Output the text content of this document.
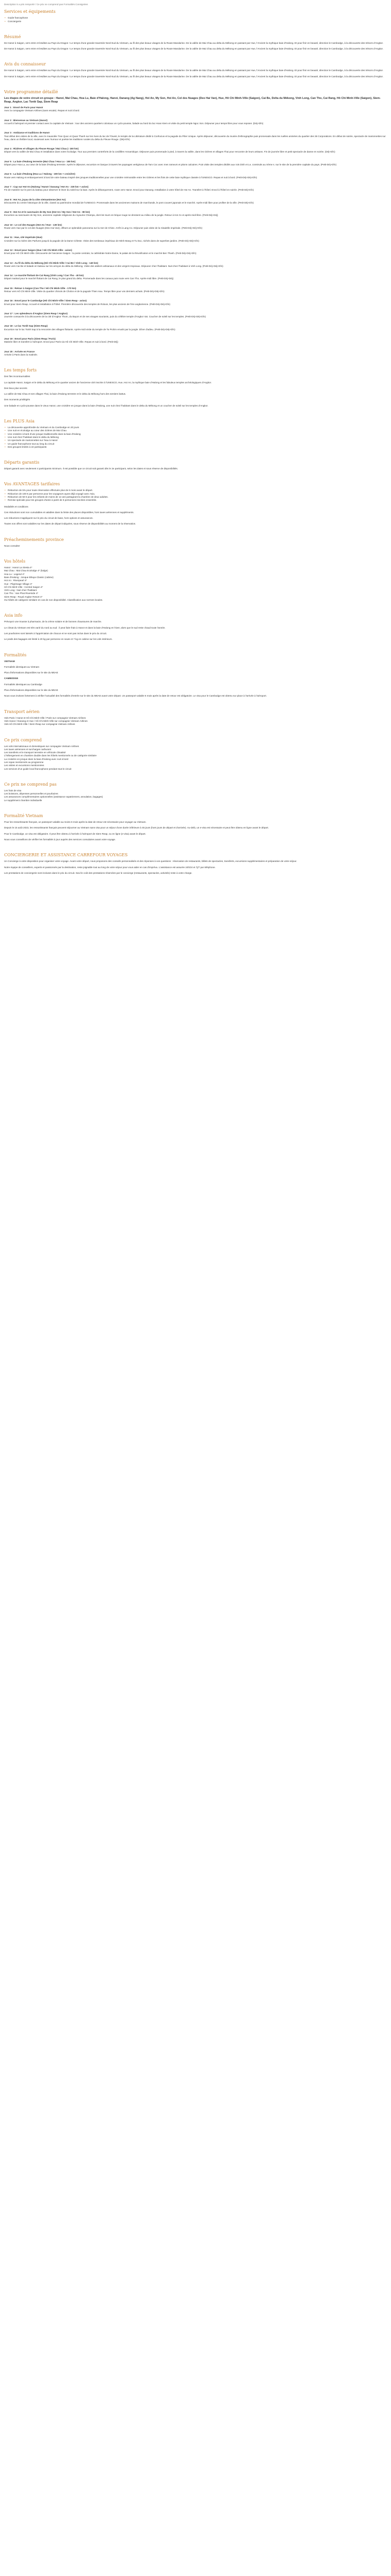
Description 5 a pris remporté / Ce prix ne comprend pas Formalités Consignées
Services et équipements
• Guide francophone
• Conciergerie
Résumé

De Hanoï à Saigon, vers entre et lesdites au Pays du Dragon ! Le temps d'une grande traversée Nord-Sud du Vietnam, au fil des plus beaux visages de la Route Mandarine. De la vallée de Mai Chau au delta du Mékong en passant par Hue, l'Ancient la mythique baie d'Halong. Et pour finir en beauté, direction le Cambodge, à la découverte des trésors d'Angkor.

De Hanoï à Saigon, vers entre et lesdites au Pays du Dragon ! Le temps d'une grande traversée Nord-Sud du Vietnam, au fil des plus beaux visages de la Route Mandarine. De la vallée de Mai Chau au delta du Mékong en passant par Hue, l'Ancient la mythique baie d'Halong. Et pour finir en beauté, direction le Cambodge, à la découverte des trésors d'Angkor.

Avis du connaisseur

De Hanoï à Saigon, vers entre et lesdites au Pays du Dragon ! Le temps d'une grande traversée Nord-Sud du Vietnam, au fil des plus beaux visages de la Route Mandarine. De la vallée de Mai Chau au delta du Mékong en passant par Hue, l'Ancient la mythique baie d'Halong. Et pour finir en beauté, direction le Cambodge, à la découverte des trésors d'Angkor.

De Hanoï à Saigon, vers entre et lesdites au Pays du Dragon ! Le temps d'une grande traversée Nord-Sud du Vietnam, au fil des plus beaux visages de la Route Mandarine. De la vallée de Mai Chau au delta du Mékong en passant par Hue, l'Ancient la mythique baie d'Halong. Et pour finir en beauté, direction le Cambodge, à la découverte des trésors d'Angkor.

Votre programme détaillé
Les étapes de votre circuit en groupe : Hanoï, Mai Chau, Hoa Lu, Baie d'Halong, Hanoï, Danang (Ag Nang), Hoï An, My Son, Hoï An, Col des Nuages (Deo Hai Van), Hue, Hô Chi Minh-Ville (Saigon), Cai Be, Delta du Mékong, Vinh Long, Can Tho, Cai Rang, Hô Chi Minh-Ville (Saigon), Siem-Reap, Angkor, Lac Tonlé Sap, Siem Reap
Jour 1 : Envol de Paris pour Hanoï

Avec la compagnie Vietnam Airlines (sans escale). Repas et nuit à bord.

Jour 2 : Bienvenue au Vietnam (Hanoï)

Accueil à l'aéroport et premier contact avec la capitale de Vietnam : tour des anciens quartiers coloniaux un cyclo-pousse, balade au bord du lac Hoan Kiem et visite du petit temple Ngoc Son. Déjeuner pour temps libre pour vous reposer. (Déj+Dîn)

Jour 3 : Ambiance et traditions de Hanoï

Tout début des visites de la ville, avec le mausolée Tran Quoc et Quan Thanh sur les rives du lac de l'Ouest, le temple de la Littérature dédié à Confucius et la pagode du Pilier Unique. Après déjeuner, découverte du musée d'ethnographie puis promenade dans les ruelles animées du quartier des 36 Corporations. En début de soirée, spectacle de marionnettes sur l'eau, dans un théâtre local, soutenant avec humour et poésie les traditions rurales du delta du Fleuve Rouge. (Déj+Dîn)

Jour 4 : Rizières et villages du Fleuve Rouge / Mai Chau (- 150 km)

Départ vers la vallée de Mai Chau et installation dans votre écolodge. Tour aux premiers contreforts de la cordillère Annamitique. Déjeuner puis promenade à pied, à travers la vallée, dans les rizières et villages Thai pour rencontre de leurs artisans. Fin de journée libre et petit spectacle de danse en soirée. (Déj+Dîn)

Jour 5 : La baie d'Halong terrestre (Mai Chau / Hoa Lu - 150 km)

Départ pour Hoa Lu, au cœur de la baie d'Halong terrestre. Après le déjeuner, excursion en barque à travers les paysages vertigineux de Tam Coc avec mes rameurs et pitons calcaires. Puis visite des temples dédiés aux rois Dinh et Le, construits au Xème s. sur le site de la première capitale du pays. (Petit-Déj+Dîn)

Jour 6 : La baie d'Halong (Hoa Lu / Halong - 190 km + croisière)

Route vers Halong et embarquement à bord de votre bateau inspiré des jonques traditionnelles pour une croisière mémorable entre les rizières et les îlots de cette baie mythique classée à l'UNESCO. Repas et nuit à bord. (Petit-Déj+Déj+Dîn)

Jour 7 : Cap sur Hoï An (Halong / Hanoï / Danang / Hoï An - 230 km + avion)

Fin de matinée sur le pont du bateau pour observer le lever du soleil sur la baie. Après le débarquement, route vers Hanoï. Envol pour Danang. Installation à votre hôtel de Hoï An. Transfert à l'hôtel. Envol à l'hôtel en soirée. (Petit-Déj+Dîn)

Jour 8 : Hoï An, joyau de la côte vietnamienne (Hoï An)

Découverte du centre historique de la ville, classé au patrimoine mondial de l'UNESCO. Promenade dans les anciennes maisons de marchands, le pont couvert japonais et le marché. Après-midi libre pour profiter de la ville. (Petit-Déj+Dîn)

Jour 9 : Hoï An et le sanctuaire de My Son (Hoï An / My Son / Hoï An - 80 km)

Excursion au sanctuaire de My Son, ancienne capitale religieuse du royaume Champa, dont les tours en brique rouge se dressent au milieu de la jungle. Retour à Hoï An et après-midi libre. (Petit-Déj+Déj)

Jour 10 : Le col des Nuages (Hoï An / Hue - 130 km)

Route vers Hue par le col des Nuages (Deo Hai Van), offrant un splendide panorama sur la mer de Chine. Arrêt à Lang Co. Déjeuner puis visite de la Citadelle impériale. (Petit-Déj+Déj+Dîn)

Jour 11 : Hue, cité impériale (Hue)

Croisière sur la rivière des Parfums jusqu'à la pagode de la Dame Céleste. Visite des tombeaux impériaux de Minh Mang et Tu Duc, nichés dans de superbes jardins. (Petit-Déj+Déj+Dîn)

Jour 12 : Envol pour Saigon (Hue / Hô Chi Minh-Ville - avion)

Envol pour Hô Chi Minh-Ville. Découverte de l'ancienne Saigon : la poste centrale, la cathédrale Notre-Dame, le palais de la Réunification et le marché Ben Thanh. (Petit-Déj+Déj+Dîn)

Jour 13 : Au fil du delta du Mékong (Hô Chi Minh-Ville / Cai Be / Vinh Long - 140 km)

Route vers Cai Be et balade en bateau sur les arroyos du delta du Mékong. Visite des ateliers artisanaux et des vergers tropicaux. Déjeuner chez l'habitant. Nuit chez l'habitant à Vinh Long. (Petit-Déj+Déj+Dîn)

Jour 14 : Le marché flottant de Cai Rang (Vinh Long / Can Tho - 40 km)

Départ matinal pour le marché flottant de Cai Rang, le plus grand du delta. Promenade dans les canaux puis route vers Can Tho. Après-midi libre. (Petit-Déj+Déj)

Jour 15 : Retour à Saigon (Can Tho / Hô Chi Minh-Ville - 170 km)

Retour vers Hô Chi Minh-Ville. Visite du quartier chinois de Cholon et de la pagode Thien Hau. Temps libre pour vos derniers achats. (Petit-Déj+Déj+Dîn)

Jour 16 : Envol pour le Cambodge (Hô Chi Minh-Ville / Siem Reap - avion)

Envol pour Siem Reap. Accueil et installation à l'hôtel. Première découverte des temples de Roluos, les plus anciens de l'ère angkorienne. (Petit-Déj+Déj+Dîn)

Jour 17 : Les splendeurs d'Angkor (Siem Reap / Angkor)

Journée consacrée à la découverte de la cité d'Angkor Thom, du Bayon et de ses visages souriants, puis du célèbre temple d'Angkor Vat. Coucher de soleil sur les temples. (Petit-Déj+Déj+Dîn)

Jour 18 : Le lac Tonlé Sap (Siem Reap)

Excursion sur le lac Tonlé Sap à la rencontre des villages flottants. Après-midi visite du temple de Ta Prohm envahi par la jungle. Dîner d'adieu. (Petit-Déj+Déj+Dîn)

Jour 19 : Envol pour Paris (Siem Reap / Paris)

Matinée libre et transfert à l'aéroport. Envol pour Paris via Hô Chi Minh-Ville. Repas et nuit à bord. (Petit-Déj)

Jour 20 : Arrivée en France

Arrivée à Paris dans la matinée.

Les temps forts

Des îles incontournables

La capitale Hanoï, Saigon et le delta du Mékong et le quartier ancien de l'ancienne cité inscrite à l'UNESCO, Hue, Hoï An, la mythique baie d'Halong et les fabuleux temples archéologiques d'Angkor.

Des lieux plus secrets

La vallée de Mai Chau et ses villages Thai, la baie d'Halong terrestre et le delta du Mékong hors des sentiers battus.

Des moments privilégiés

Une balade en cyclo-pousse dans le vieux Hanoï, une croisière en jonque dans la baie d'Halong, une nuit chez l'habitant dans le delta du Mékong et un coucher de soleil sur les temples d'Angkor.

Les PLUS Asia
• La découverte approfondie du Vietnam et du Cambodge en 20 jours
• Une nuit en écolodge au cœur des rizières de Mai Chau
• Une croisière à bord d'une jonque traditionnelle dans la baie d'Halong
• Une nuit chez l'habitant dans le delta du Mékong
• Un spectacle de marionnettes sur l'eau à Hanoï
• Un guide francophone tout au long du circuit
• Des groupes limités à 22 participants
Départs garantis

Départ garanti avec seulement 4 participants minimum. Il est possible que ce circuit soit garanti dès le 2e participant, selon les dates et sous réserve de disponibilités.

Vos AVANTAGES tarifaires
• Réduction de 5% pour toute réservation effectuée plus de 6 mois avant le départ.
• Réduction de 100 € par personne pour les voyageurs ayant déjà voyagé avec Asia.
• Réduction de 50 € pour les enfants de moins de 12 ans partageant la chambre de deux adultes.
• Remise spéciale pour les groupes d'amis à partir de 6 personnes inscrites ensemble.

Modalités et conditions

Ces réductions sont non cumulables et valables dans la limite des places disponibles, hors taxes aériennes et suppléments.

Les réductions s'appliquent sur le prix du circuit de base, hors options et assurances.

Toutes nos offres sont valables sur les dates de départ indiquées, sous réserve de disponibilités au moment de la réservation.

Préacheminements province

Nous consulter

Vos hôtels
Hanoï : Hanoï La Siesta 4*
Mai Chau : Mai Chau Ecolodge 4* (lodge)
Hoa Lu : Legend 4*
Baie d'Halong : Jonque Bhaya Classic (cabine)
Hoï An : Riverpearl 4*
Hue : Pilgrimage Village 4*
Hô Chi Minh-Ville : Central Saigon 4*
Vinh Long : Nuit chez l'habitant
Can Tho : Van Phat Riverside 4*
Siem Reap : Royal Angkor Resort 4*

Ou hôtels de catégorie similaire en cas de non disponibilité. Classification aux normes locales.

Asia info

Prévoyez une trousse à pharmacie, de la crème solaire et de bonnes chaussures de marche.

Le climat du Vietnam est très varié du nord au sud : il peut faire frais à Hanoï et dans la baie d'Halong en hiver, alors que le sud reste chaud toute l'année.

Les pourboires sont laissés à l'appréciation de chacun et ne sont pas inclus dans le prix du circuit.

Le poids des bagages est limité à 20 kg par personne en soute et 7 kg en cabine sur les vols intérieurs.

Formalités

VIETNAM

Formalités identiques au Vietnam

Plus d'informations disponibles sur le site du MEAE

CAMBODGE

Formalités identiques au Cambodge

Plus d'informations disponibles sur le site du MEAE

Nous vous invitons fortement à vérifier l'actualité des formalités d'entrée sur le site du MEAE avant votre départ. Un passeport valable 6 mois après la date de retour est obligatoire. Le visa pour le Cambodge est obtenu sur place à l'arrivée à l'aéroport.

Transport aérien
Vols Paris / Hanoï et Hô Chi Minh-Ville / Paris sur compagnie Vietnam Airlines
Vols Hanoï / Danang et Hue / Hô Chi Minh-Ville sur compagnie Vietnam Airlines
Vols Hô Chi Minh-Ville / Siem Reap sur compagnie Vietnam Airlines
Ce prix comprend
Les vols internationaux et domestiques sur compagnie Vietnam Airlines
Les taxes aériennes et surcharges carburant
Les transferts et le transport terrestre en véhicule climatisé
L'hébergement en chambre double dans les hôtels mentionnés ou de catégorie similaire
La croisière en jonque dans la baie d'Halong avec nuit à bord
Les repas mentionnés au programme
Les visites et excursions mentionnées
Les services d'un guide local francophone pendant tout le circuit
Ce prix ne comprend pas
Les frais de visa
Les boissons, dépenses personnelles et pourboires
Les assurances complémentaires optionnelles (assistance rapatriement, annulation, bagages)
Le supplément chambre individuelle
Formalité Vietnam

Pour les ressortissants français, un passeport valable au moins 6 mois après la date de retour est nécessaire pour voyager au Vietnam.

Depuis le 15 août 2023, les ressortissants français peuvent séjourner au Vietnam sans visa pour un séjour d'une durée inférieure à 45 jours (hors jours de départ et d'arrivée). Au-delà, un e-visa est nécessaire et peut être obtenu en ligne avant le départ.

Pour le Cambodge, un visa est obligatoire. Il peut être obtenu à l'arrivée à l'aéroport de Siem Reap, ou en ligne (e-visa) avant le départ.

Nous vous conseillons de vérifier les formalités à jour auprès des services consulaires avant votre voyage.

CONCIERGERIE ET ASSISTANCE CARREFOUR VOYAGES

Un Concierge à votre disposition pour organiser votre voyage. Avant votre départ, nous proposons des conseils personnalisés et des réponses à vos questions : réservation de restaurants, billets de spectacles, transferts, excursions supplémentaires et préparation de votre séjour.

Notre équipe de conseillers, experts et passionnés par la destination, reste joignable tout au long de votre séjour pour vous aider en cas d'imprévu. L'assistance est assurée 24h/24 et 7j/7 par téléphone.

Les prestations de conciergerie sont incluses dans le prix du circuit. Seul le coût des prestations réservées par le concierge (restaurants, spectacles, activités) reste à votre charge.
